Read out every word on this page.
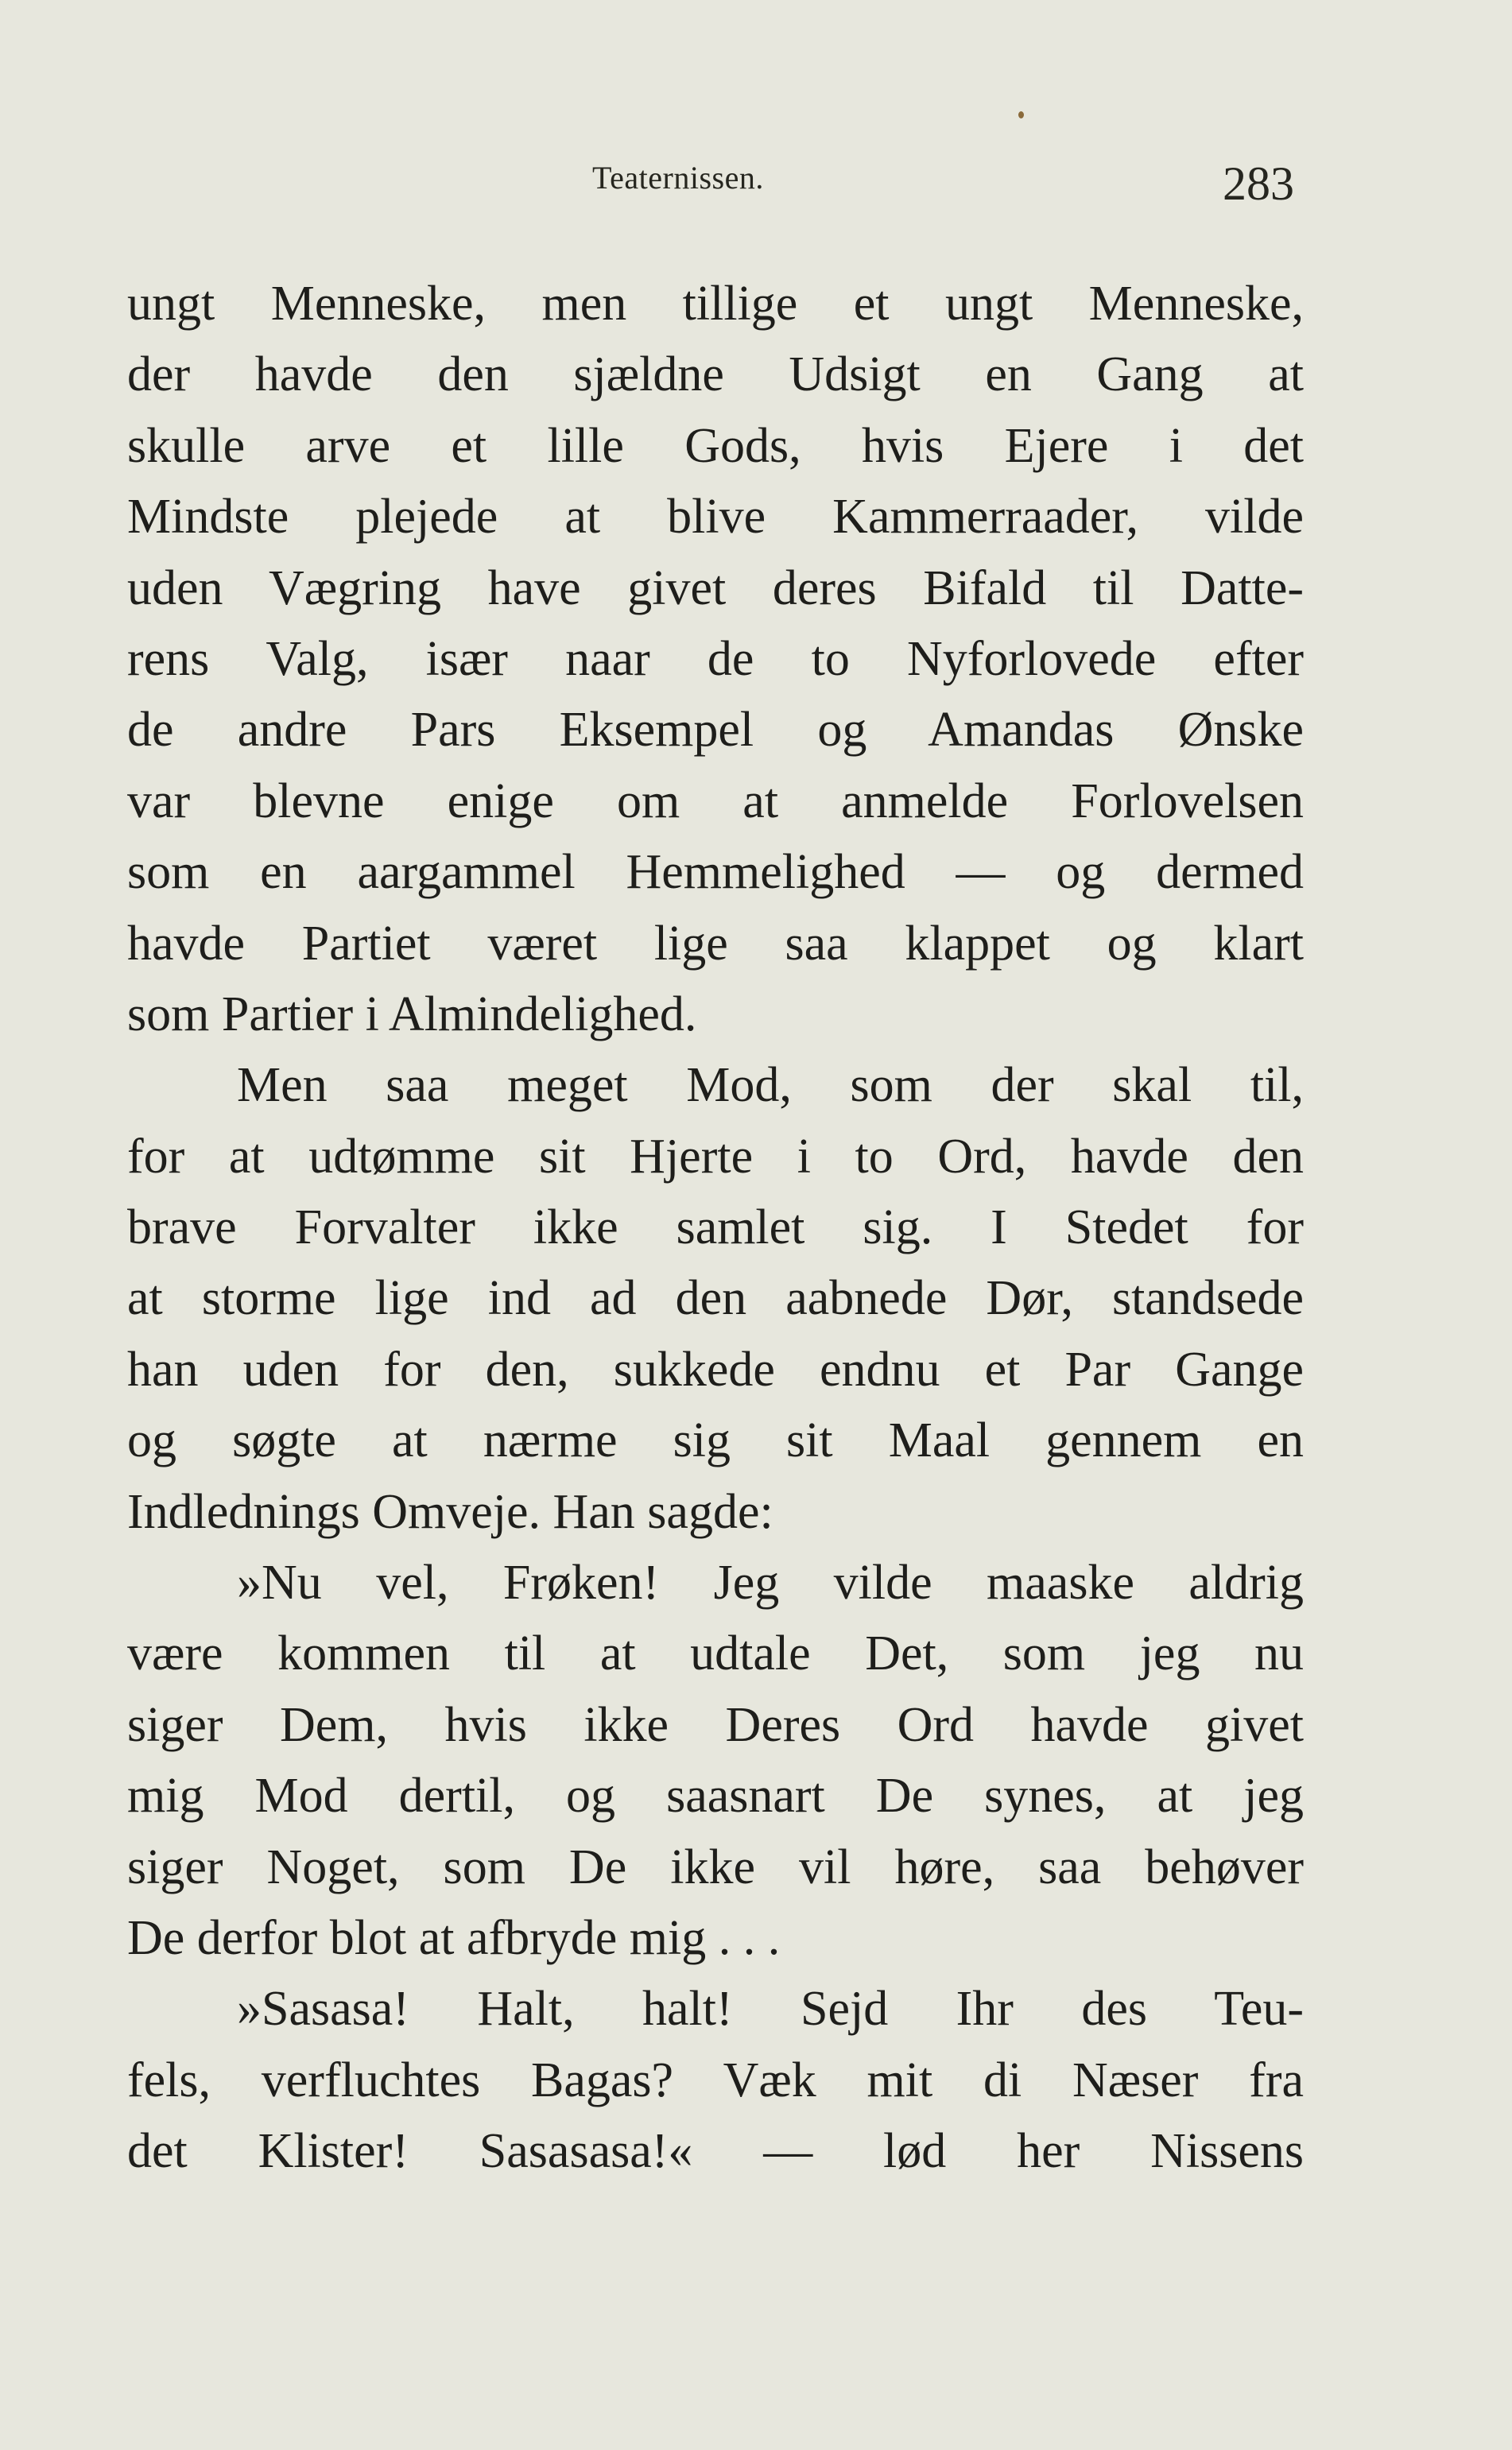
Teaternissen.	283
ungt Menneske, men tillige et ungt Menneske,
der havde den sjældne Udsigt en Gang at
skulle arve et lille Gods, hvis Ejere i det
Mindste plejede at blive Kammerraader, vilde
uden Vægring have givet deres Bifald til Datte-
rens Valg, især naar de to Nyforlovede efter
de andre Pars Eksempel og Amandas Ønske
var blevne enige om at anmelde Forlovelsen
som en aargammel Hemmelighed — og dermed
havde Partiet været lige saa klappet og klart
som Partier i Almindelighed.
Men saa meget Mod, som der skal til,
for at udtømme sit Hjerte i to Ord, havde den
brave Forvalter ikke samlet sig. I Stedet for
at storme lige ind ad den aabnede Dør, standsede
han uden for den, sukkede endnu et Par Gange
og søgte at nærme sig sit Maal gennem en
Indlednings Omveje. Han sagde:
»Nu vel, Frøken! Jeg vilde maaske aldrig
være kommen til at udtale Det, som jeg nu
siger Dem, hvis ikke Deres Ord havde givet
mig Mod dertil, og saasnart De synes, at jeg
siger Noget, som De ikke vil høre, saa behøver
De derfor blot at afbryde mig . . .
»Sasasa! Halt, halt! Sejd Ihr des Teu-
fels, verfluchtes Bagas? Væk mit di Næser fra
det Klister! Sasasasa!« — lød her Nissens
